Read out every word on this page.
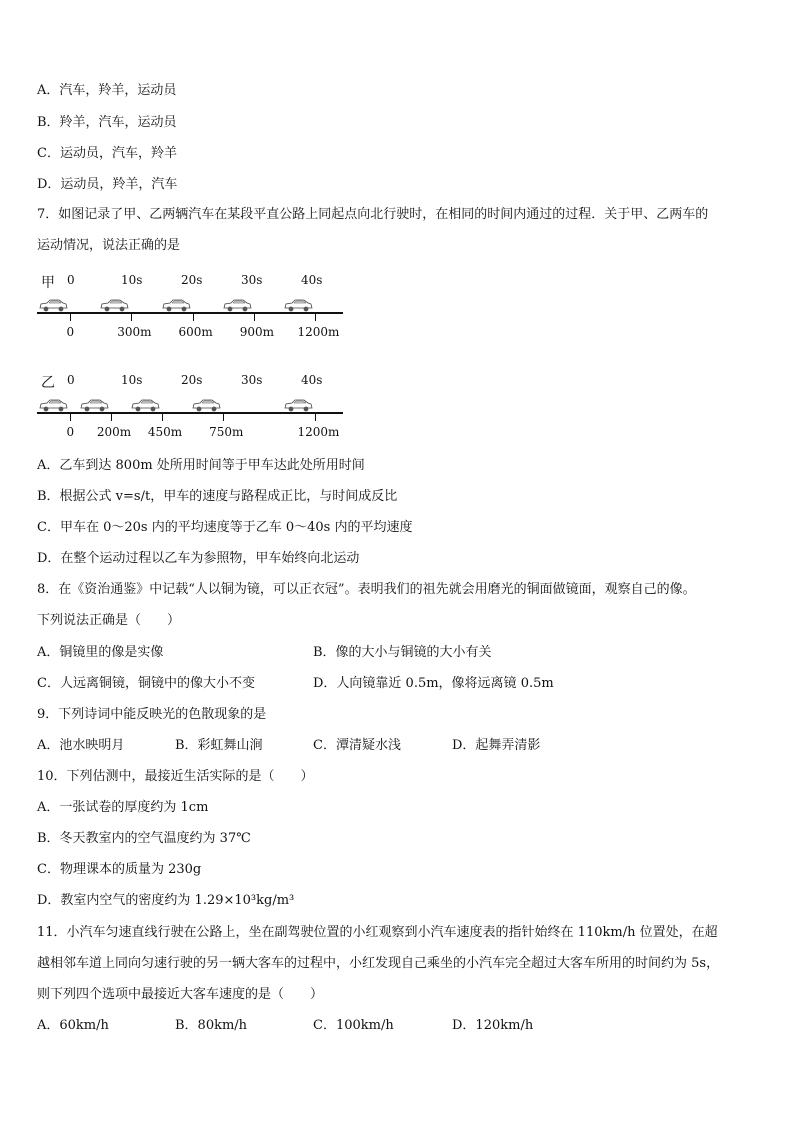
A．汽车，羚羊，运动员
B．羚羊，汽车，运动员
C．运动员，汽车，羚羊
D．运动员，羚羊，汽车
7．如图记录了甲、乙两辆汽车在某段平直公路上同起点向北行驶时，在相同的时间内通过的过程．关于甲、乙两车的
运动情况，说法正确的是
甲 0	10s	20s	30s	40s
0	300m 600m 900m 1200m
乙 0	10s	20s	30s	40s
0 200m 450m 750m	1200m
A．乙车到达 800m 处所用时间等于甲车达此处所用时间
B．根据公式 v=s/t，甲车的速度与路程成正比，与时间成反比
C．甲车在 0～20s 内的平均速度等于乙车 0～40s 内的平均速度
D．在整个运动过程以乙车为参照物，甲车始终向北运动
8．在《资治通鉴》中记载“人以铜为镜，可以正衣冠”。表明我们的祖先就会用磨光的铜面做镜面，观察自己的像。
下列说法正确是（　　）
A．铜镜里的像是实像	B．像的大小与铜镜的大小有关
C．人远离铜镜，铜镜中的像大小不变	D．人向镜靠近 0.5m，像将远离镜 0.5m
9．下列诗词中能反映光的色散现象的是
A．池水映明月	B．彩虹舞山涧	C．潭清疑水浅	D．起舞弄清影
10．下列估测中，最接近生活实际的是（　　）
A．一张试卷的厚度约为 1cm
B．冬天教室内的空气温度约为 37℃
C．物理课本的质量为 230g
D．教室内空气的密度约为 1.29×10³kg/m³
11．小汽车匀速直线行驶在公路上，坐在副驾驶位置的小红观察到小汽车速度表的指针始终在 110km/h 位置处，在超
越相邻车道上同向匀速行驶的另一辆大客车的过程中，小红发现自己乘坐的小汽车完全超过大客车所用的时间约为 5s，
则下列四个选项中最接近大客车速度的是（　　）
A．60km/h	B．80km/h	C．100km/h	D．120km/h
